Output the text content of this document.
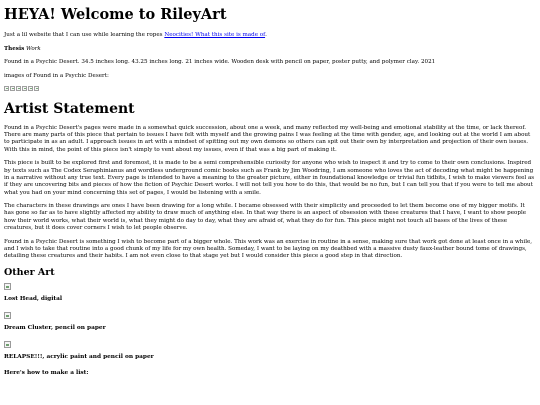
HEYA! Welcome to RileyArt

Just a lil website that I can use while learning the ropes Neocities! What this site is made of.

Thesis Work

Found in a Psychic Desert. 34.5 inches long. 43.25 inches long. 21 inches wide. Wooden desk with pencil on paper, poster putty, and polymer clay. 2021

images of Found in a Psychic Desert:

Artist Statement

Found in a Psychic Desert's pages were made in a somewhat quick succession, about one a week, and many reflected my well-being and emotional stability at the time, or lack thereof. There are many parts of this piece that pertain to issues I have felt with myself and the growing pains I was feeling at the time with gender, age, and looking out at the world I am about to participate in as an adult. I approach issues in art with a mindset of spitting out my own demons so others can spit out their own by interpretation and projection of their own issues. With this in mind, the point of this piece isn't simply to vent about my issues, even if that was a big part of making it.

This piece is built to be explored first and foremost, it is made to be a semi comprehensible curiosity for anyone who wish to inspect it and try to come to their own conclusions. Inspired by texts such as The Codex Seraphinianus and wordless underground comic books such as Frank by Jim Woodring, I am someone who loves the act of decoding what might be happening in a narrative without any true text. Every page is intended to have a meaning to the greater picture, either in foundational knowledge or trivial fun tidbits, I wish to make viewers feel as if they are uncovering bits and pieces of how the fiction of Psychic Desert works. I will not tell you how to do this, that would be no fun, but I can tell you that if you were to tell me about what you had on your mind concerning this set of pages, I would be listening with a smile.

The characters in these drawings are ones I have been drawing for a long while. I became obsessed with their simplicity and proceeded to let them become one of my bigger motifs. It has gone so far as to have slightly affected my ability to draw much of anything else. In that way there is an aspect of obsession with these creatures that I have, I want to show people how their world works, what their world is, what they might do day to day, what they are afraid of, what they do for fun. This piece might not touch all bases of the lives of these creatures, but it does cover corners I wish to let people observe.

Found in a Psychic Desert is something I wish to become part of a bigger whole. This work was an exercise in routine in a sense, making sure that work got done at least once in a while, and I wish to take that routine into a good chunk of my life for my own health. Someday, I want to be laying on my deathbed with a massive dusty faux-leather bound tome of drawings, detailing these creatures and their habits. I am not even close to that stage yet but I would consider this piece a good step in that direction.

Other Art
Lost Head, digital
Dream Cluster, pencil on paper
RELAPSE!!!, acrylic paint and pencil on paper
Here's how to make a list:
